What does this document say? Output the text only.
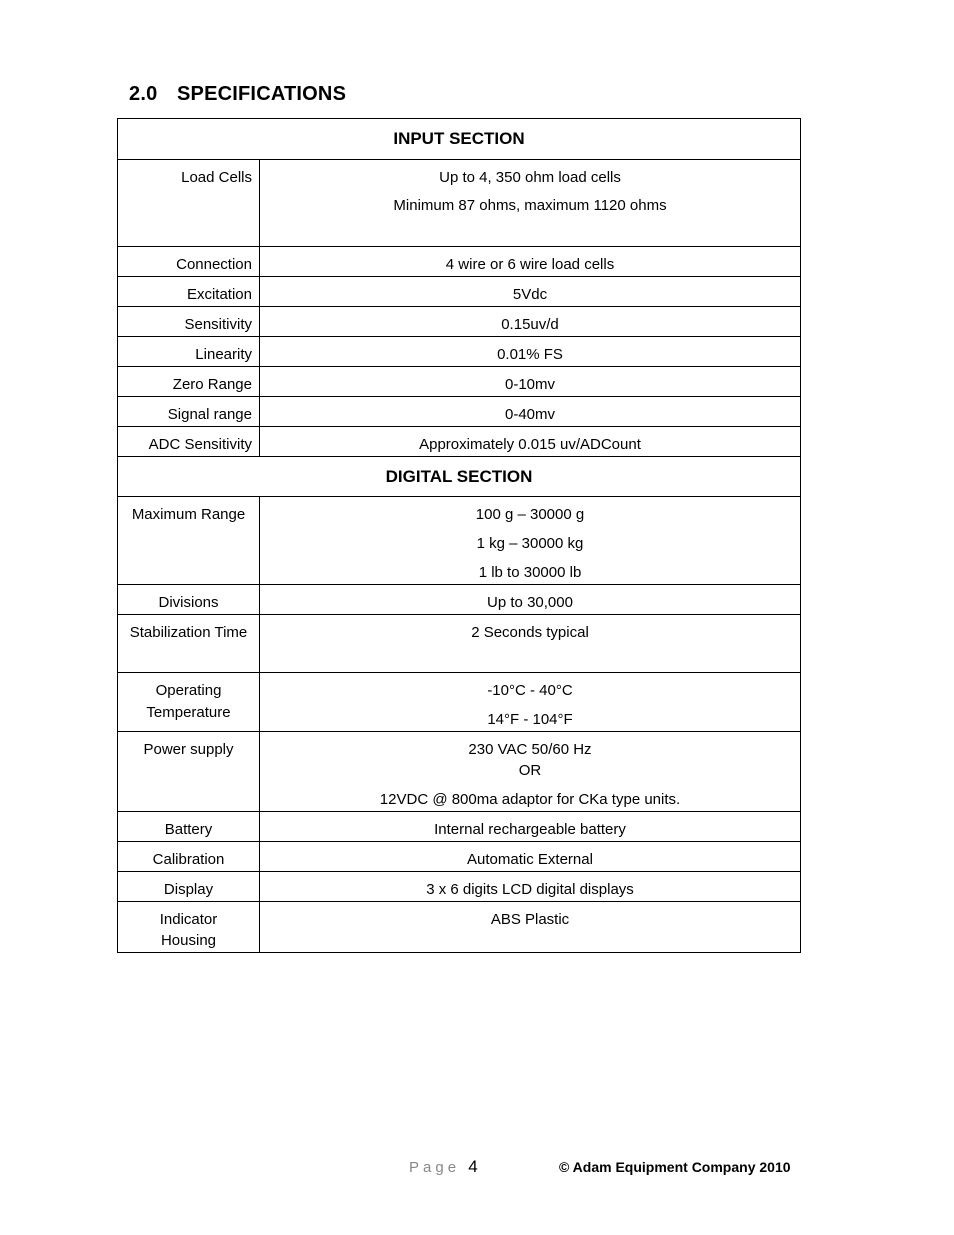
2.0 SPECIFICATIONS
INPUT SECTION	
Load Cells	Up to 4, 350 ohm load cells
Minimum 87 ohms, maximum 1120 ohms

Connection	4 wire or 6 wire load cells
Excitation	5Vdc
Sensitivity	0.15uv/d
Linearity	0.01% FS
Zero Range	0-10mv
Signal range	0-40mv
ADC Sensitivity	Approximately 0.015 uv/ADCount
DIGITAL SECTION	
Maximum Range	100 g – 30000 g
1 kg – 30000 kg
1 lb to 30000 lb

Divisions	Up to 30,000
Stabilization Time	2 Seconds typical

Operating
Temperature	-10°C - 40°C
14°F - 104°F

Power supply	230 VAC 50/60 Hz
OR
12VDC @ 800ma adaptor for CKa type units.

Battery	Internal rechargeable battery
Calibration	Automatic External
Display	3 x 6 digits LCD digital displays

Indicator
Housing	ABS Plastic
Page 4	© Adam Equipment Company 2010
